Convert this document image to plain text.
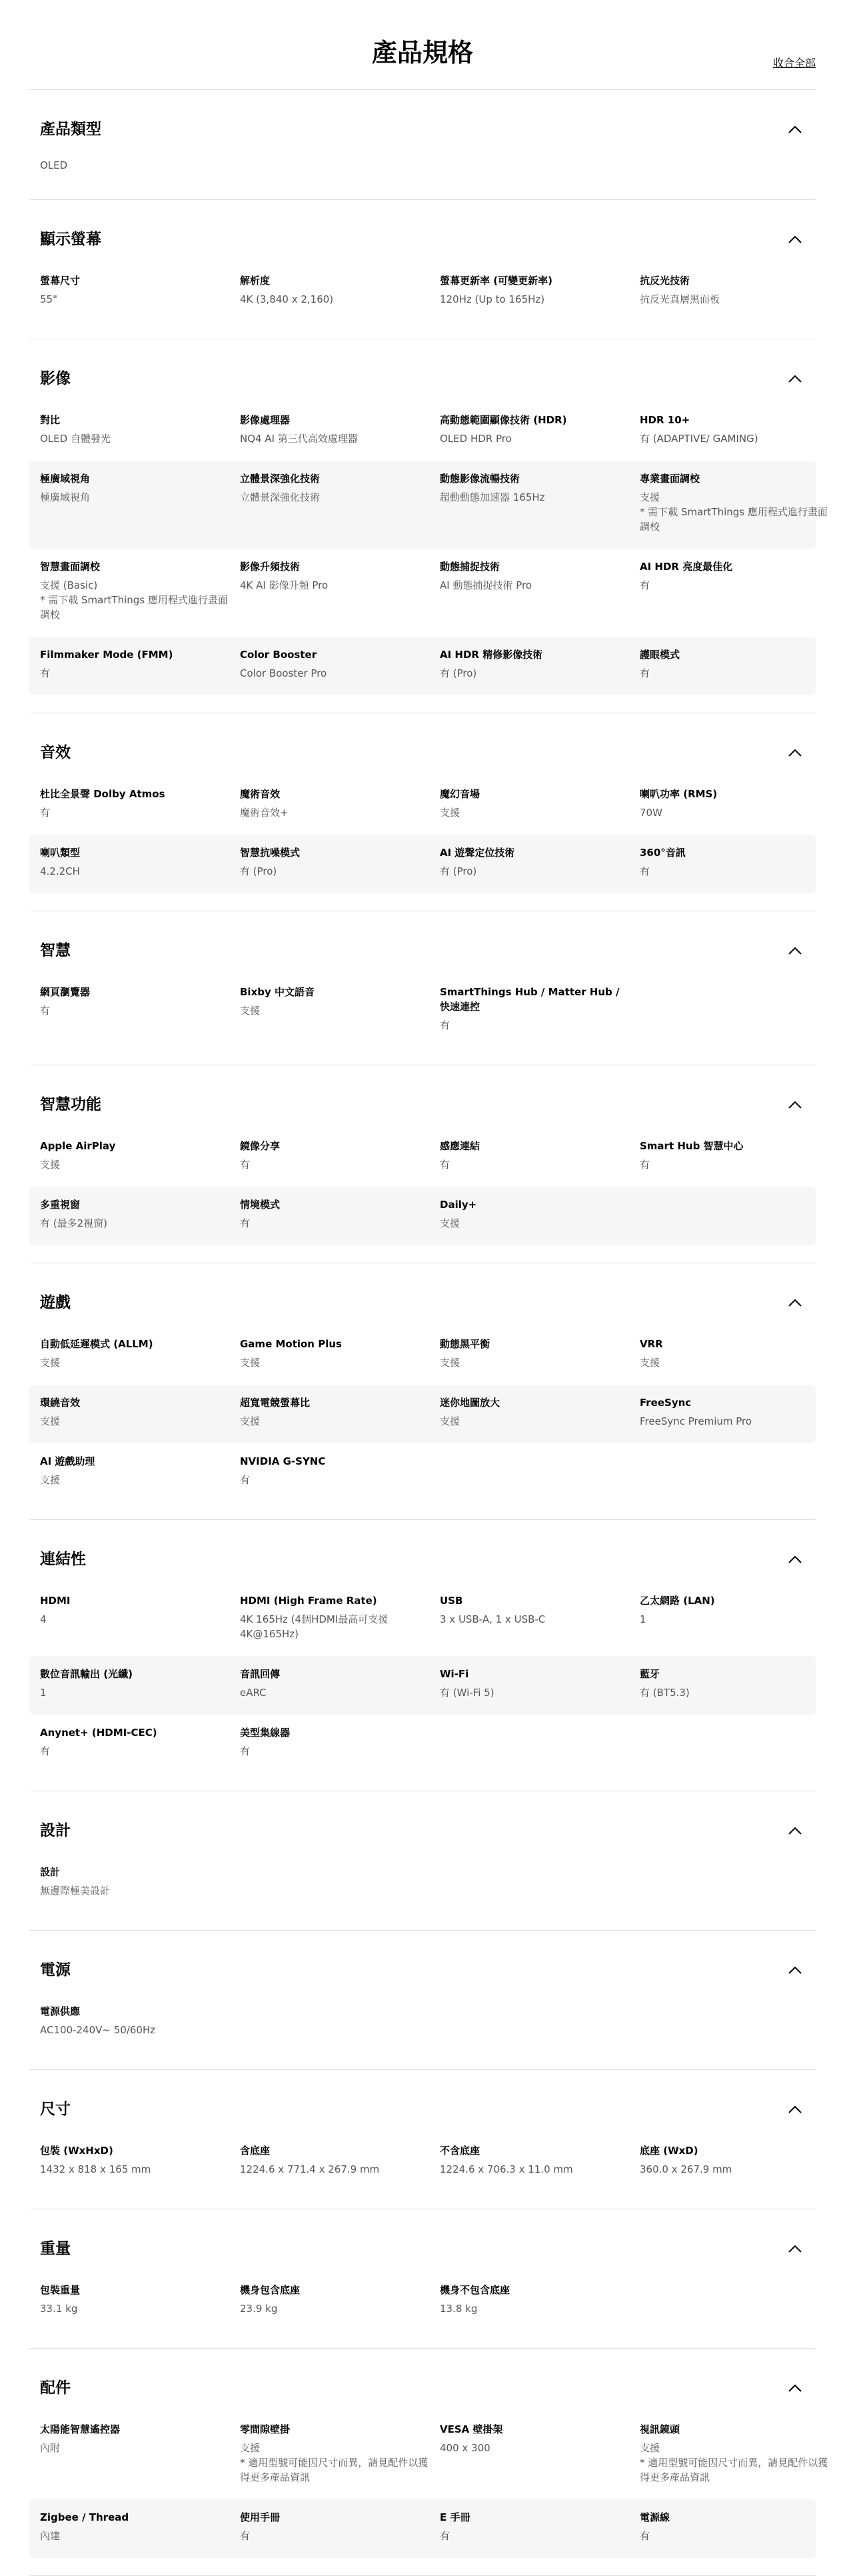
產品規格	收合全部
產品類型
OLED
顯示螢幕
螢幕尺寸
55"
解析度
4K (3,840 x 2,160)
螢幕更新率 (可變更新率)
120Hz (Up to 165Hz)
抗反光技術
抗反光真層黑面板
影像
對比
OLED 自體發光
影像處理器
NQ4 AI 第三代高效處理器
高動態範圍顯像技術 (HDR)
OLED HDR Pro
HDR 10+
有 (ADAPTIVE/ GAMING)
極廣域視角
極廣域視角
立體景深強化技術
立體景深強化技術
動態影像流暢技術
超動動態加速器 165Hz
專業畫面調校
支援
* 需下載 SmartThings 應用程式進行畫面調校
智慧畫面調校
支援 (Basic)
* 需下載 SmartThings 應用程式進行畫面調校
影像升頻技術
4K AI 影像升頻 Pro
動態捕捉技術
AI 動態捕捉技術 Pro
AI HDR 亮度最佳化
有
Filmmaker Mode (FMM)
有
Color Booster
Color Booster Pro
AI HDR 精修影像技術
有 (Pro)
護眼模式
有
音效
杜比全景聲 Dolby Atmos
有
魔術音效
魔術音效+
魔幻音場
支援
喇叭功率 (RMS)
70W
喇叭類型
4.2.2CH
智慧抗噪模式
有 (Pro)
AI 遊聲定位技術
有 (Pro)
360°音訊
有
智慧
網頁瀏覽器
有
Bixby 中文語音
支援
SmartThings Hub / Matter Hub / 快速連控
有
智慧功能
Apple AirPlay
支援
鏡像分享
有
感應連結
有
Smart Hub 智慧中心
有
多重視窗
有 (最多2視窗)
情境模式
有
Daily+
支援
遊戲
自動低延遲模式 (ALLM)
支援
Game Motion Plus
支援
動態黑平衡
支援
VRR
支援
環繞音效
支援
超寬電競螢幕比
支援
迷你地圖放大
支援
FreeSync
FreeSync Premium Pro
AI 遊戲助理
支援
NVIDIA G-SYNC
有
連結性
HDMI
4
HDMI (High Frame Rate)
4K 165Hz (4個HDMI最高可支援4K@165Hz)
USB
3 x USB-A, 1 x USB-C
乙太網路 (LAN)
1
數位音訊輸出 (光纖)
1
音訊回傳
eARC
Wi-Fi
有 (Wi-Fi 5)
藍牙
有 (BT5.3)
Anynet+ (HDMI-CEC)
有
美型集線器
有
設計
設計
無邊際極美設計
電源
電源供應
AC100-240V~ 50/60Hz
尺寸
包裝 (WxHxD)
1432 x 818 x 165 mm
含底座
1224.6 x 771.4 x 267.9 mm
不含底座
1224.6 x 706.3 x 11.0 mm
底座 (WxD)
360.0 x 267.9 mm
重量
包裝重量
33.1 kg
機身包含底座
23.9 kg
機身不包含底座
13.8 kg
配件
太陽能智慧遙控器
內附
零間隙壁掛
支援
* 適用型號可能因尺寸而異，請見配件以獲得更多產品資訊
VESA 壁掛架
400 x 300
視訊鏡頭
支援
* 適用型號可能因尺寸而異，請見配件以獲得更多產品資訊
Zigbee / Thread
內建
使用手冊
有
E 手冊
有
電源線
有
